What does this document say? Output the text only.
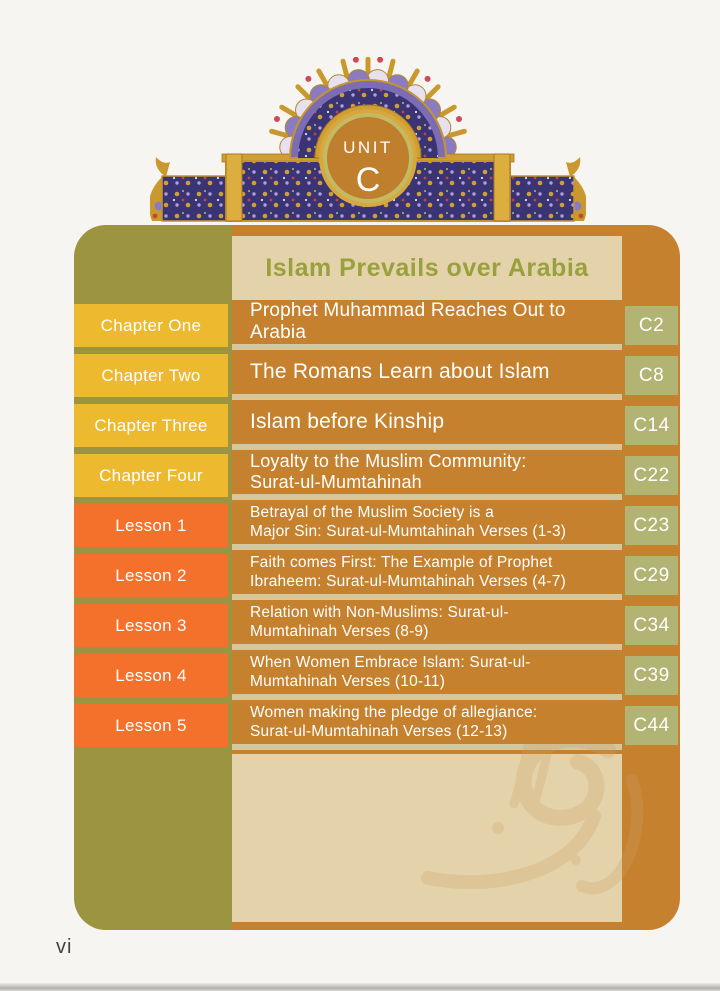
UNIT
C
Islam Prevails over Arabia
Chapter One
Chapter Two
Chapter Three
Chapter Four
Lesson 1
Lesson 2
Lesson 3
Lesson 4
Lesson 5
Prophet Muhammad Reaches Out to Arabia
The Romans Learn about Islam
Islam before Kinship
Loyalty to the Muslim Community:
Surat-ul-Mumtahinah
Betrayal of the Muslim Society is a
Major Sin: Surat-ul-Mumtahinah Verses (1-3)
Faith comes First: The Example of Prophet
Ibraheem: Surat-ul-Mumtahinah Verses (4-7)
Relation with Non-Muslims: Surat-ul-
Mumtahinah Verses (8-9)
When Women Embrace Islam: Surat-ul-
Mumtahinah Verses (10-11)
Women making the pledge of allegiance:
Surat-ul-Mumtahinah Verses (12-13)
C2
C8
C14
C22
C23
C29
C34
C39
C44
vi
